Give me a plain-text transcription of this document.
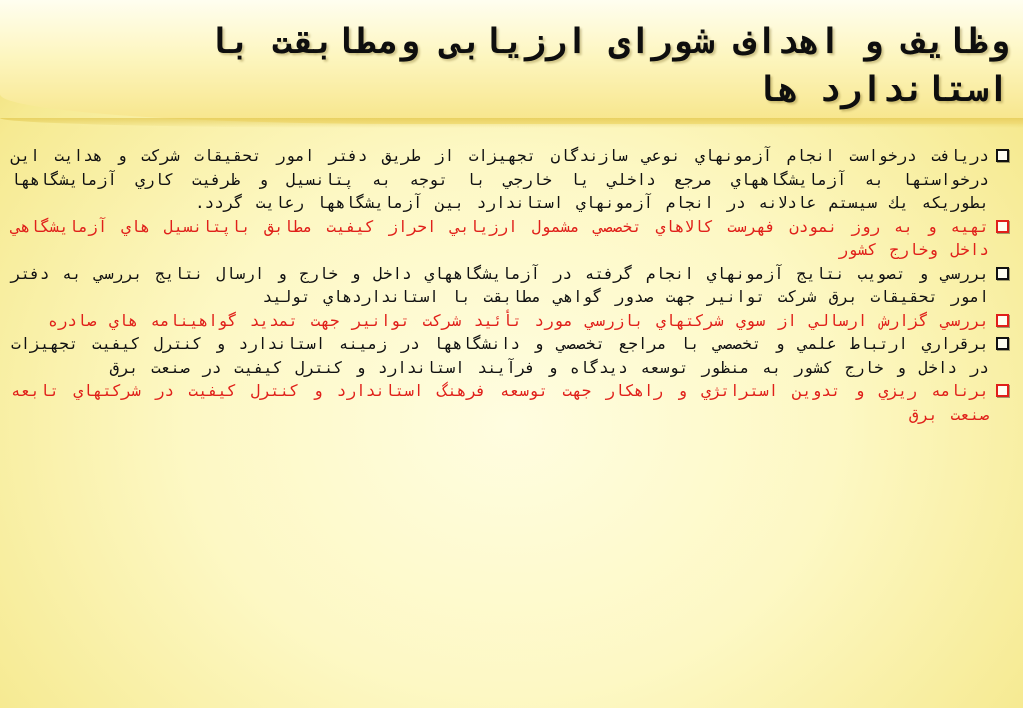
وظایف و اهداف شورای ارزیابی ومطابقت با استاندارد ها
دريافت درخواست انجام آزمونهاي نوعي سازندگان تجهيزات از طريق دفتر امور تحقيقات شركت و هدايت اين درخواستها به آزمايشگاههاي مرجع داخلي يا خارجي با توجه به پتانسيل و ظرفيت كاري آزمايشگاهها بطوريكه يك سيستم عادلانه در انجام آزمونهاي استاندارد بين آزمايشگاهها رعايت گردد.
تهيه و به روز نمودن فهرست كالاهاي تخصصي مشمول ارزيابي احراز كيفيت مطابق باپتانسيل هاي آزمايشگاهي داخل وخارج كشور
بررسي و تصويب نتايج آزمونهاي انجام گرفته در آزمايشگاههاي داخل و خارج و ارسال نتايج بررسي به دفتر امور تحقيقات برق شركت توانير جهت صدور گواهي مطابقت با استانداردهاي توليد
بررسي گزارش ارسالي از سوي شركتهاي بازرسي مورد تأئيد شركت توانير جهت تمديد گواهينامه هاي صادره
برقراري ارتباط علمي و تخصصي با مراجع تخصصي و دانشگاهها در زمينه استاندارد و كنترل كيفيت تجهيزات در داخل و خارج كشور به منظور توسعه ديدگاه و فرآيند استاندارد و كنترل كيفيت در صنعت برق
برنامه ريزي و تدوين استراتژي و راهكار جهت توسعه فرهنگ استاندارد و كنترل كيفيت در شركتهاي تابعه صنعت برق
